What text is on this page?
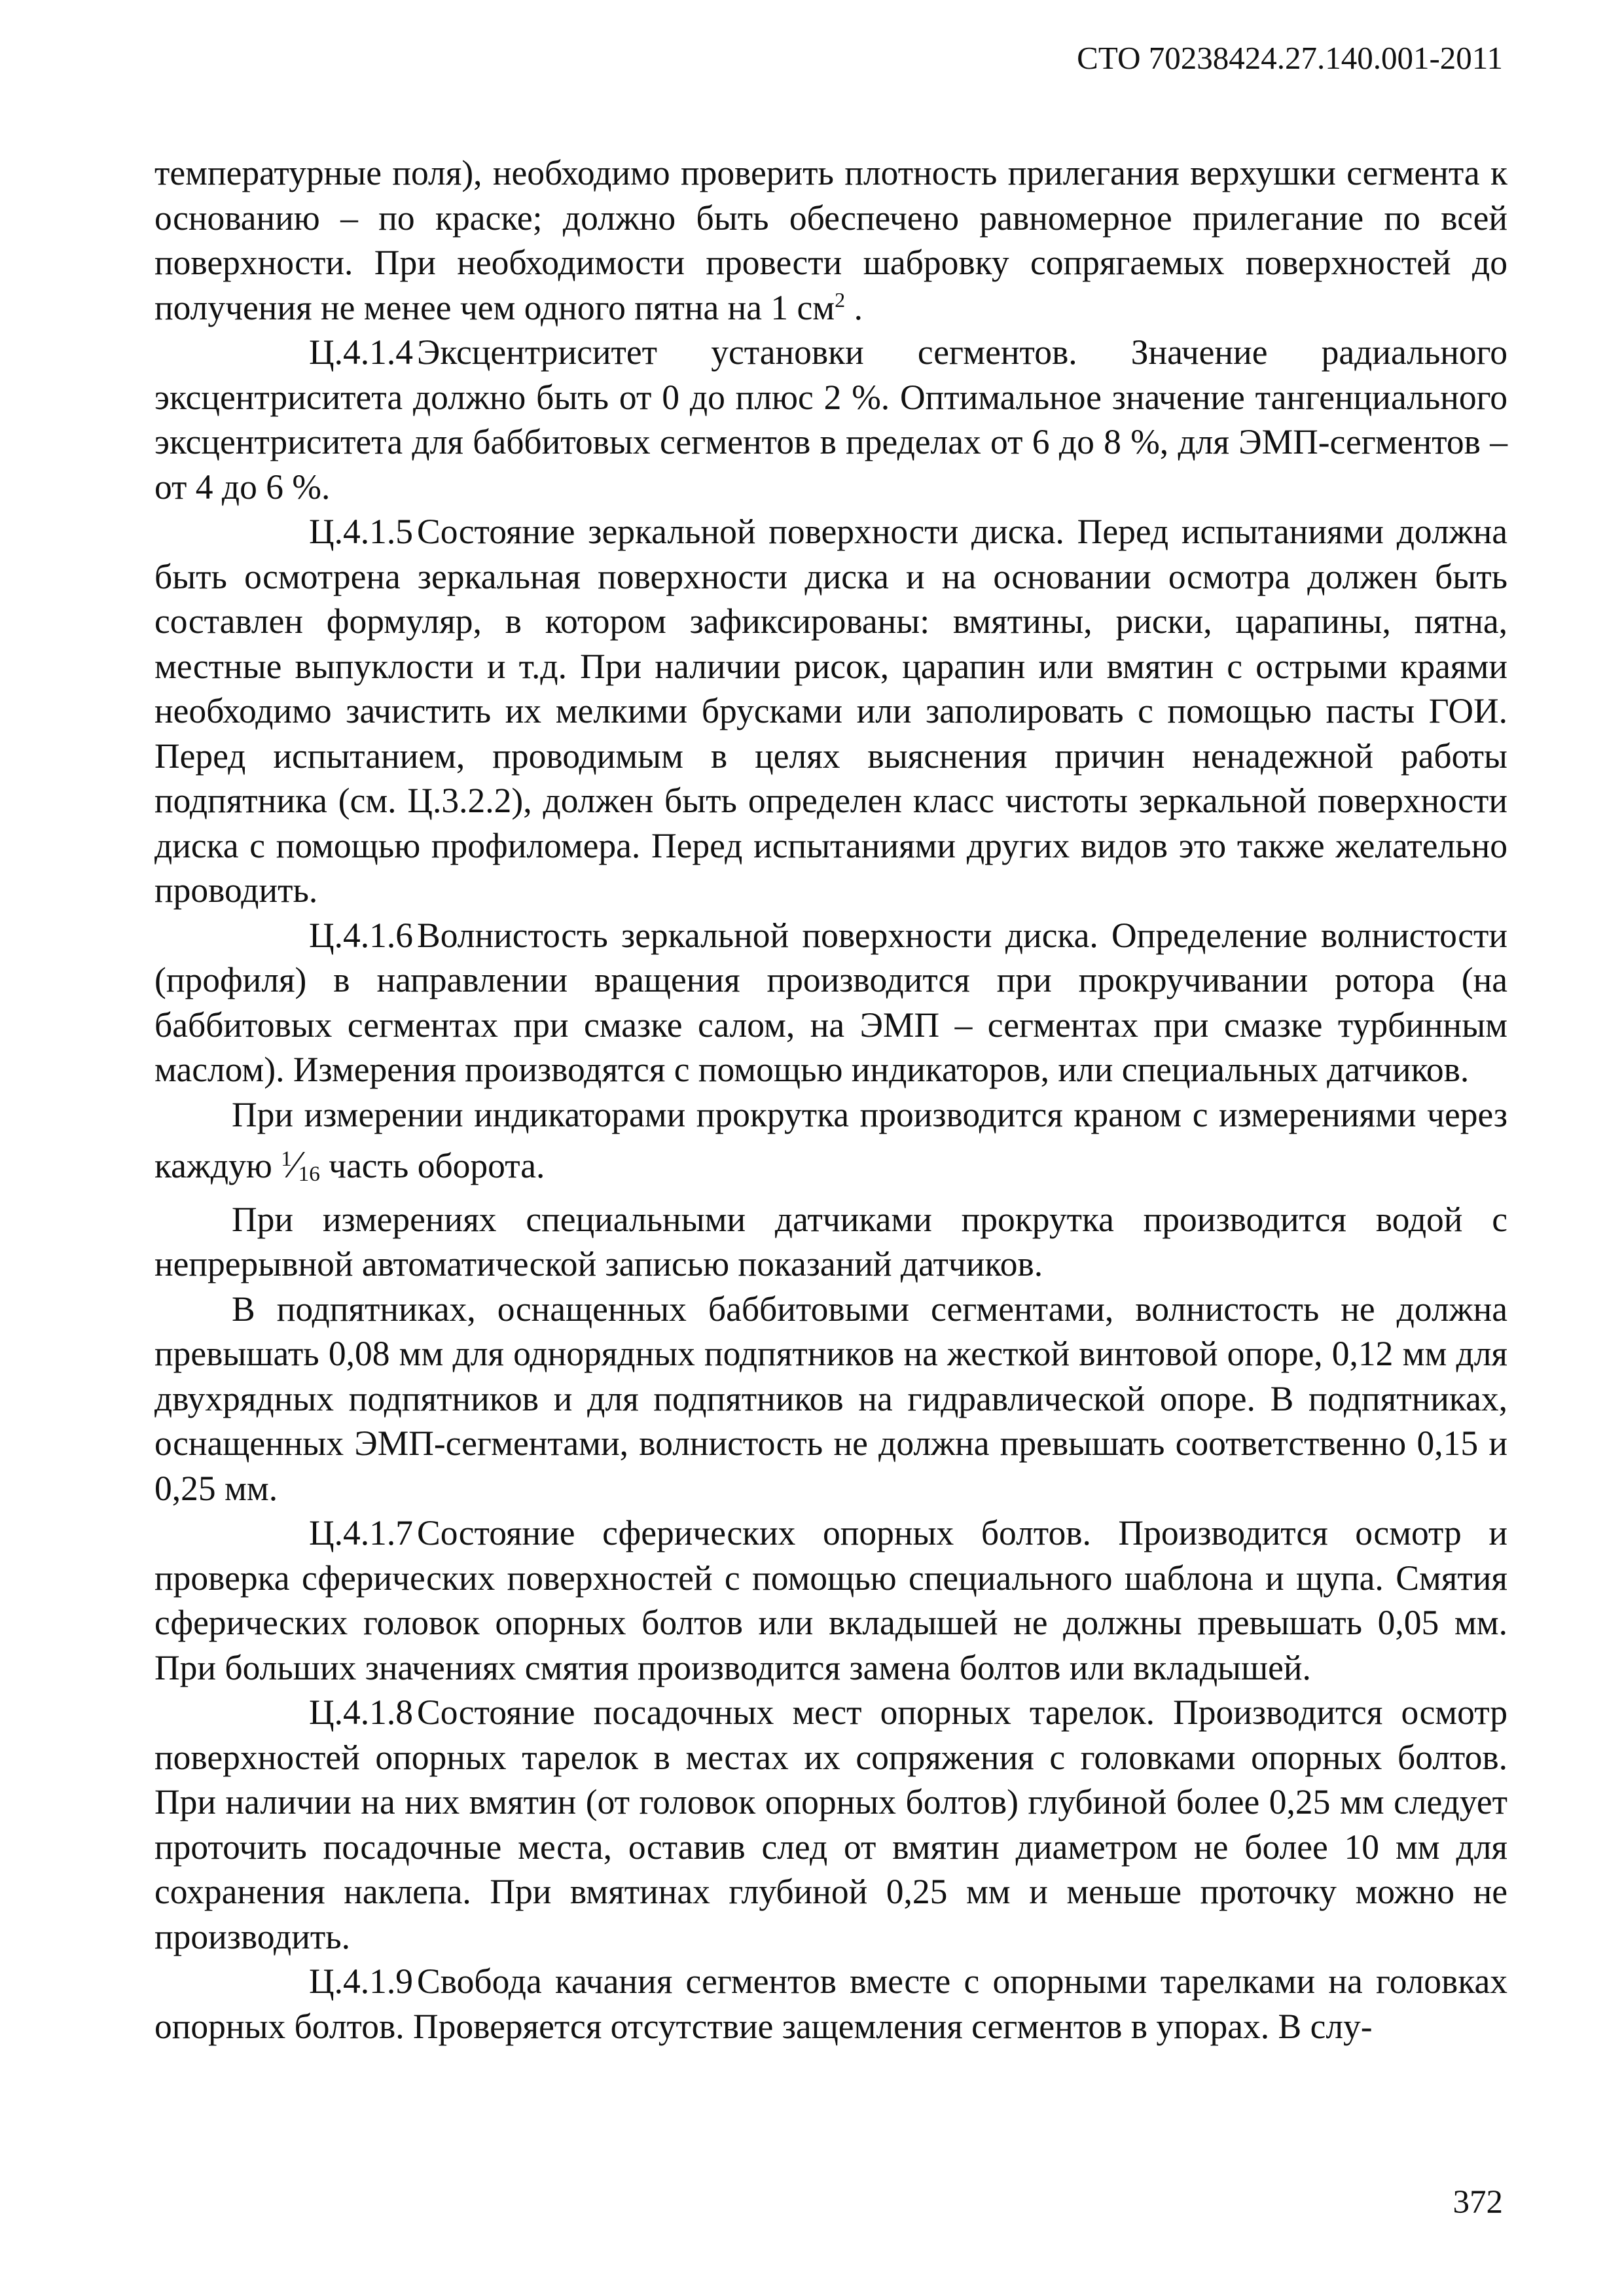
СТО 70238424.27.140.001-2011

температурные поля), необходимо проверить плотность прилегания верхушки сегмента к основанию – по краске; должно быть обеспечено равномерное прилегание по всей поверхности. При необходимости провести шабровку сопрягаемых поверхностей до получения не менее чем одного пятна на 1 $см^2$ .

Ц.4.1.4 Эксцентриситет установки сегментов. Значение радиального эксцентриситета должно быть от 0 до плюс 2 %. Оптимальное значение тангенциального эксцентриситета для баббитовых сегментов в пределах от 6 до 8 %, для ЭМП-сегментов – от 4 до 6 %.

Ц.4.1.5 Состояние зеркальной поверхности диска. Перед испытаниями должна быть осмотрена зеркальная поверхности диска и на основании осмотра должен быть составлен формуляр, в котором зафиксированы: вмятины, риски, царапины, пятна, местные выпуклости и т.д. При наличии рисок, царапин или вмятин с острыми краями необходимо зачистить их мелкими брусками или заполировать с помощью пасты ГОИ. Перед испытанием, проводимым в целях выяснения причин ненадежной работы подпятника (см. Ц.3.2.2), должен быть определен класс чистоты зеркальной поверхности диска с помощью профиломера. Перед испытаниями других видов это также желательно проводить.

Ц.4.1.6 Волнистость зеркальной поверхности диска. Определение волнистости (профиля) в направлении вращения производится при прокручивании ротора (на баббитовых сегментах при смазке салом, на ЭМП – сегментах при смазке турбинным маслом). Измерения производятся с помощью индикаторов, или специальных датчиков.

При измерении индикаторами прокрутка производится краном с измерениями через каждую $^1$⁄16 часть оборота.

При измерениях специальными датчиками прокрутка производится водой с непрерывной автоматической записью показаний датчиков.

В подпятниках, оснащенных баббитовыми сегментами, волнистость не должна превышать 0,08 мм для однорядных подпятников на жесткой винтовой опоре, 0,12 мм для двухрядных подпятников и для подпятников на гидравлической опоре. В подпятниках, оснащенных ЭМП-сегментами, волнистость не должна превышать соответственно 0,15 и 0,25 мм.

Ц.4.1.7 Состояние сферических опорных болтов. Производится осмотр и проверка сферических поверхностей с помощью специального шаблона и щупа. Смятия сферических головок опорных болтов или вкладышей не должны превышать 0,05 мм. При больших значениях смятия производится замена болтов или вкладышей.

Ц.4.1.8 Состояние посадочных мест опорных тарелок. Производится осмотр поверхностей опорных тарелок в местах их сопряжения с головками опорных болтов. При наличии на них вмятин (от головок опорных болтов) глубиной более 0,25 мм следует проточить посадочные места, оставив след от вмятин диаметром не более 10 мм для сохранения наклепа. При вмятинах глубиной 0,25 мм и меньше проточку можно не производить.

Ц.4.1.9 Свобода качания сегментов вместе с опорными тарелками на головках опорных болтов. Проверяется отсутствие защемления сегментов в упорах. В слу-

372
